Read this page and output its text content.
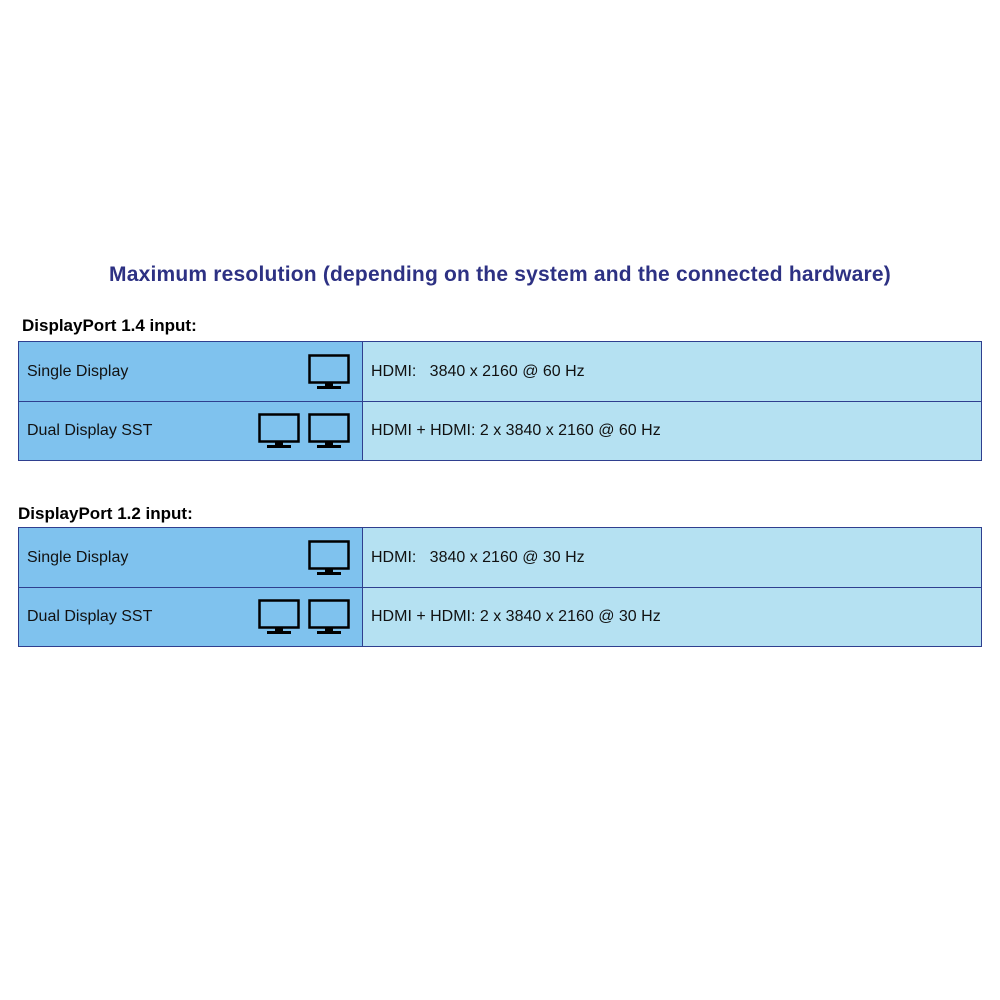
Maximum resolution (depending on the system and the connected hardware)
DisplayPort 1.4 input:
Single Display	HDMI:   3840 x 2160 @ 60 Hz
Dual Display SST	HDMI + HDMI: 2 x 3840 x 2160 @ 60 Hz
DisplayPort 1.2 input:
Single Display	HDMI:   3840 x 2160 @ 30 Hz
Dual Display SST	HDMI + HDMI: 2 x 3840 x 2160 @ 30 Hz
